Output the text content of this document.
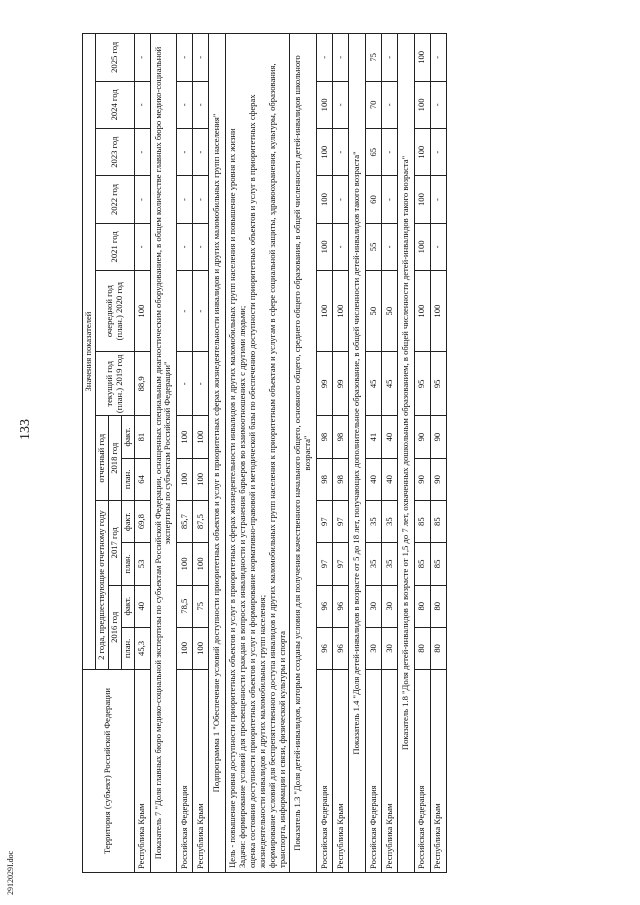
133
2912029I.doc
Территория (субъект) Российской Федерации	Значения показателей												
	2 года, предшествующие отчетному году				отчетный год		текущий год (план.) 2019 год	очередной год (план.) 2020 год	2021 год	2022 год	2023 год	2024 год	2025 год
	2016 год		2017 год		2018 год								
	план.	факт.	план.	факт.	план.	факт.							
Республика Крым	45,3	40	53	69,8	64	81	88,9	100	-	-	-	-	-
Показатель 7 "Доля главных бюро медико-социальной экспертизы по субъектам Российской Федерации, оснащенных специальным диагностическим оборудованием, в общем количестве главных бюро медико-социальной экспертизы по субъектам Российской Федерации"													
Российская Федерация	100	78,5	100	85,7	100	100	-	-	-	-	-	-	-
Республика Крым	100	75	100	87,5	100	100	-	-	-	-	-	-	-
Подпрограмма 1 "Обеспечение условий доступности приоритетных объектов и услуг в приоритетных сферах жизнедеятельности инвалидов и других маломобильных групп населения"													
Цель - повышение уровня доступности приоритетных объектов и услуг в приоритетных сферах жизнедеятельности инвалидов и других маломобильных групп населения и повышение уровня их жизни
Задачи: формирование условий для просвещенности граждан в вопросах инвалидности и устранения барьеров во взаимоотношениях с другими людьми;
оценка состояния доступности приоритетных объектов и услуг и формирование нормативно-правовой и методической базы по обеспечению доступности приоритетных объектов и услуг в приоритетных сферах жизнедеятельности инвалидов и других маломобильных групп населения;
формирование условий для беспрепятственного доступа инвалидов и других маломобильных групп населения к приоритетным объектам и услугам в сфере социальной защиты, здравоохранения, культуры, образования, транспорта, информации и связи, физической культуры и спорта													
Показатель 1.3 "Доля детей-инвалидов, которым созданы условия для получения качественного начального общего, основного общего, среднего общего образования, в общей численности детей-инвалидов школьного возраста"													
Российская Федерация	96	96	97	97	98	98	99	100	100	100	100	100	-
Республика Крым	96	96	97	97	98	98	99	100	-	-	-	-	-
Показатель 1.4 "Доля детей-инвалидов в возрасте от 5 до 18 лет, получающих дополнительное образование, в общей численности детей-инвалидов такого возраста"													
Российская Федерация	30	30	35	35	40	41	45	50	55	60	65	70	75
Республика Крым	30	30	35	35	40	40	45	50	-	-	-	-	-
Показатель 1.8 "Доля детей-инвалидов в возрасте от 1,5 до 7 лет, охваченных дошкольным образованием, в общей численности детей-инвалидов такого возраста"													
Российская Федерация	80	80	85	85	90	90	95	100	100	100	100	100	100
Республика Крым	80	80	85	85	90	90	95	100	-	-	-	-	-
